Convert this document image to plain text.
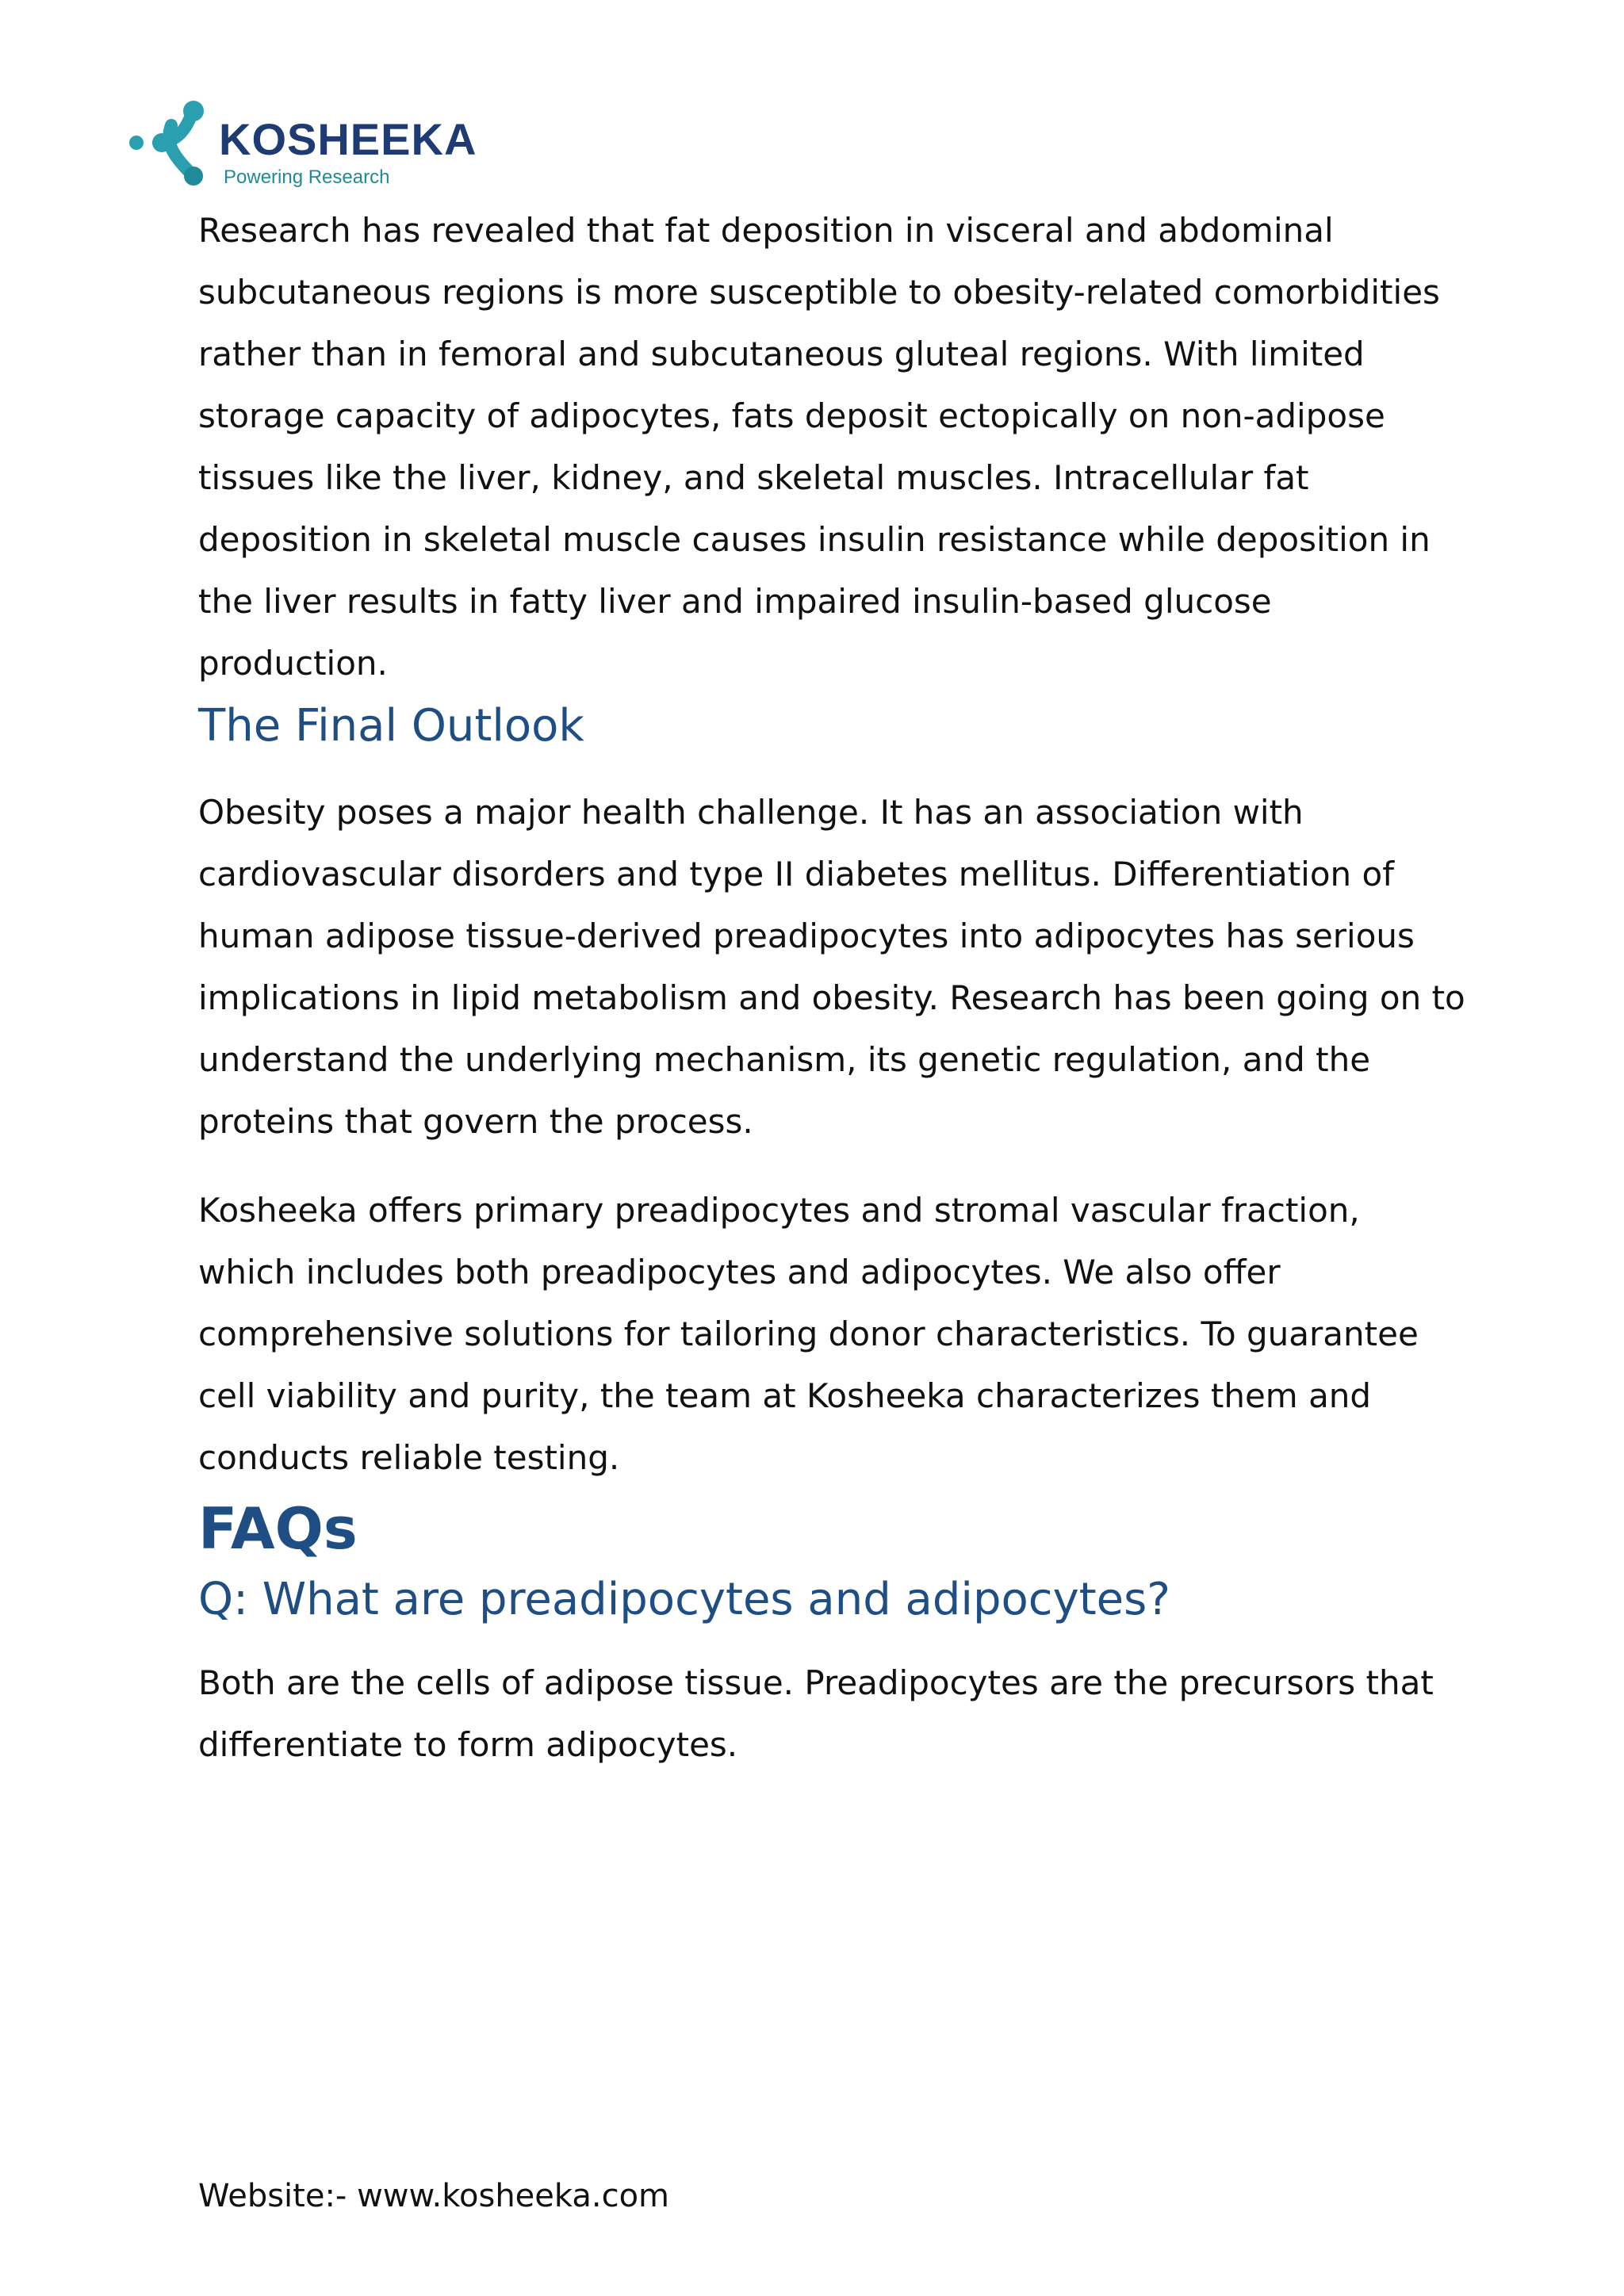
KOSHEEKA
Powering Research

Research has revealed that fat deposition in visceral and abdominal subcutaneous regions is more susceptible to obesity-related comorbidities rather than in femoral and subcutaneous gluteal regions. With limited storage capacity of adipocytes, fats deposit ectopically on non-adipose tissues like the liver, kidney, and skeletal muscles. Intracellular fat deposition in skeletal muscle causes insulin resistance while deposition in the liver results in fatty liver and impaired insulin-based glucose production.

The Final Outlook

Obesity poses a major health challenge. It has an association with cardiovascular disorders and type II diabetes mellitus. Differentiation of human adipose tissue-derived preadipocytes into adipocytes has serious implications in lipid metabolism and obesity. Research has been going on to understand the underlying mechanism, its genetic regulation, and the proteins that govern the process.

Kosheeka offers primary preadipocytes and stromal vascular fraction, which includes both preadipocytes and adipocytes. We also offer comprehensive solutions for tailoring donor characteristics. To guarantee cell viability and purity, the team at Kosheeka characterizes them and conducts reliable testing.

FAQs
Q: What are preadipocytes and adipocytes?

Both are the cells of adipose tissue. Preadipocytes are the precursors that differentiate to form adipocytes.

Website:- www.kosheeka.com
